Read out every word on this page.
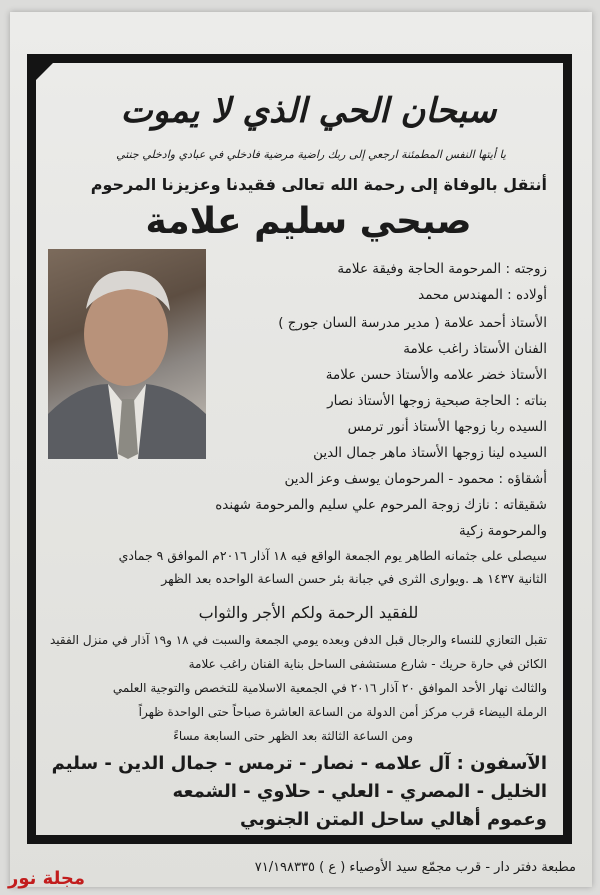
سبحان الحي الذي لا يموت
يا أيتها النفس المطمئنة ارجعي إلى ربك راضية مرضية فادخلي في عبادي وادخلي جنتي
أنتقل بالوفاة إلى رحمة الله تعالى فقيدنا وعزيزنا المرحوم
صبحي سليم علامة
زوجته : المرحومة الحاجة وفيقة علامة
أولاده : المهندس محمد
الأستاذ أحمد علامة ( مدير مدرسة السان جورج )
الفنان الأستاذ راغب علامة
الأستاذ خضر علامه والأستاذ حسن علامة
بناته : الحاجة صبحية زوجها الأستاذ نصار
السيده ربا زوجها الأستاذ أنور ترمس
السيده لينا زوجها الأستاذ ماهر جمال الدين
أشقاؤه : محمود - المرحومان يوسف وعز الدين
شقيقاته : نازك زوجة المرحوم علي سليم والمرحومة شهنده
والمرحومة زكية
سيصلى على جثمانه الطاهر يوم الجمعة الواقع فيه ١٨ آذار ٢٠١٦م الموافق ٩ جمادي
الثانية ١٤٣٧ هـ .ويوارى الثرى في جبانة بئر حسن الساعة الواحده بعد الظهر
للفقيد الرحمة ولكم الأجر والثواب
تقبل التعازي للنساء والرجال قبل الدفن وبعده يومي الجمعة والسبت في ١٨ و١٩ آذار في منزل الفقيد
الكائن في حارة حريك - شارع مستشفى الساحل بناية الفنان راغب علامة
والثالث نهار الأحد الموافق ٢٠ آذار ٢٠١٦ في الجمعية الاسلامية للتخصص والتوجية العلمي
الرملة البيضاء قرب مركز أمن الدولة من الساعة العاشرة صباحاً حتى الواحدة ظهراً
ومن الساعة الثالثة بعد الظهر حتى السابعة مساءً
الآسفون : آل علامه - نصار - ترمس - جمال الدين - سليم
الخليل - المصري - العلي - حلاوي - الشمعه
وعموم أهالي ساحل المتن الجنوبي
مطبعة دفتر دار - قرب مجمّع سيد الأوصياء ( ع ) ٧١/١٩٨٣٣٥
مجلة نور
